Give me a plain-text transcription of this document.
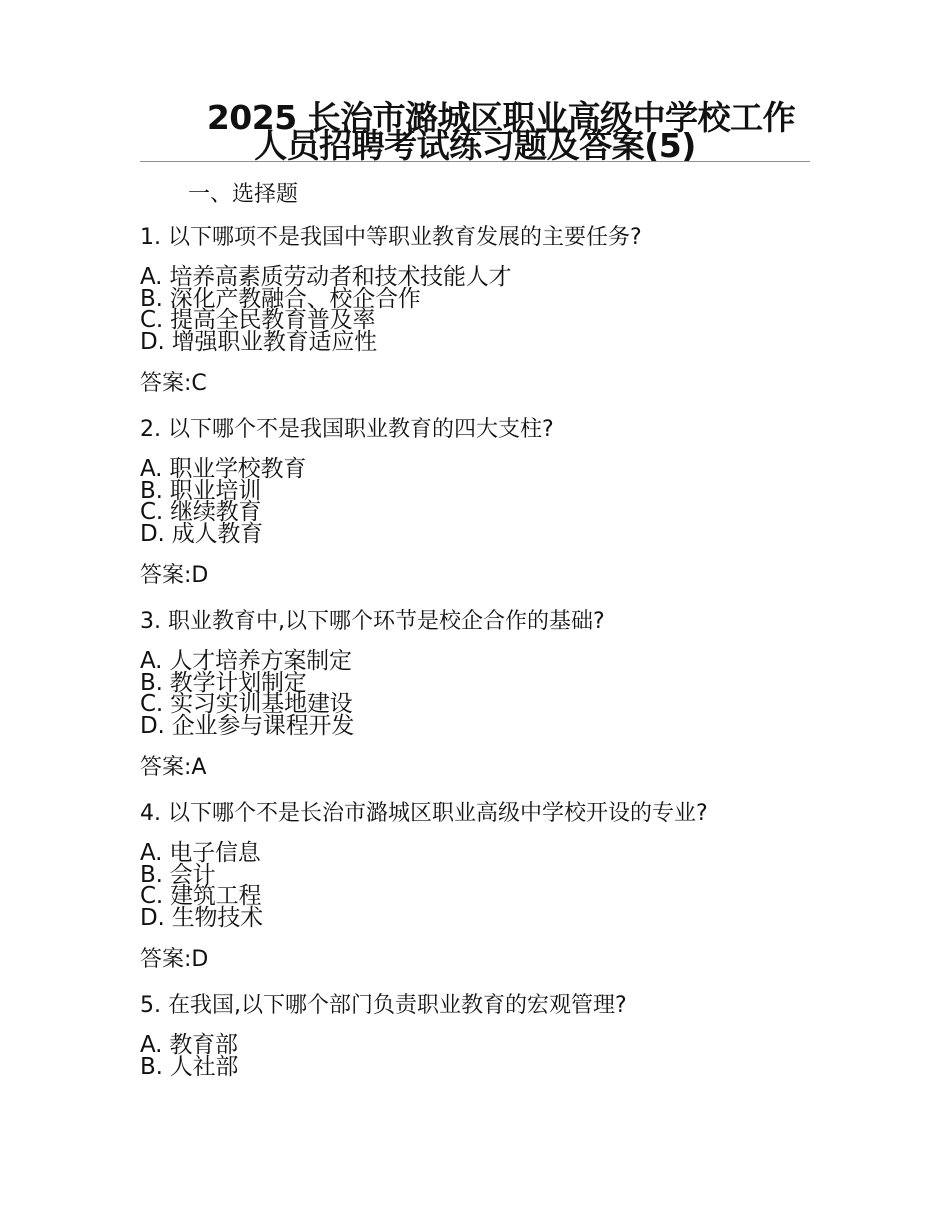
2025 长治市潞城区职业高级中学校工作
人员招聘考试练习题及答案(5)
一、选择题
1. 以下哪项不是我国中等职业教育发展的主要任务?
A. 培养高素质劳动者和技术技能人才
B. 深化产教融合、校企合作
C. 提高全民教育普及率
D. 增强职业教育适应性
答案:C
2. 以下哪个不是我国职业教育的四大支柱?
A. 职业学校教育
B. 职业培训
C. 继续教育
D. 成人教育
答案:D
3. 职业教育中,以下哪个环节是校企合作的基础?
A. 人才培养方案制定
B. 教学计划制定
C. 实习实训基地建设
D. 企业参与课程开发
答案:A
4. 以下哪个不是长治市潞城区职业高级中学校开设的专业?
A. 电子信息
B. 会计
C. 建筑工程
D. 生物技术
答案:D
5. 在我国,以下哪个部门负责职业教育的宏观管理?
A. 教育部
B. 人社部
